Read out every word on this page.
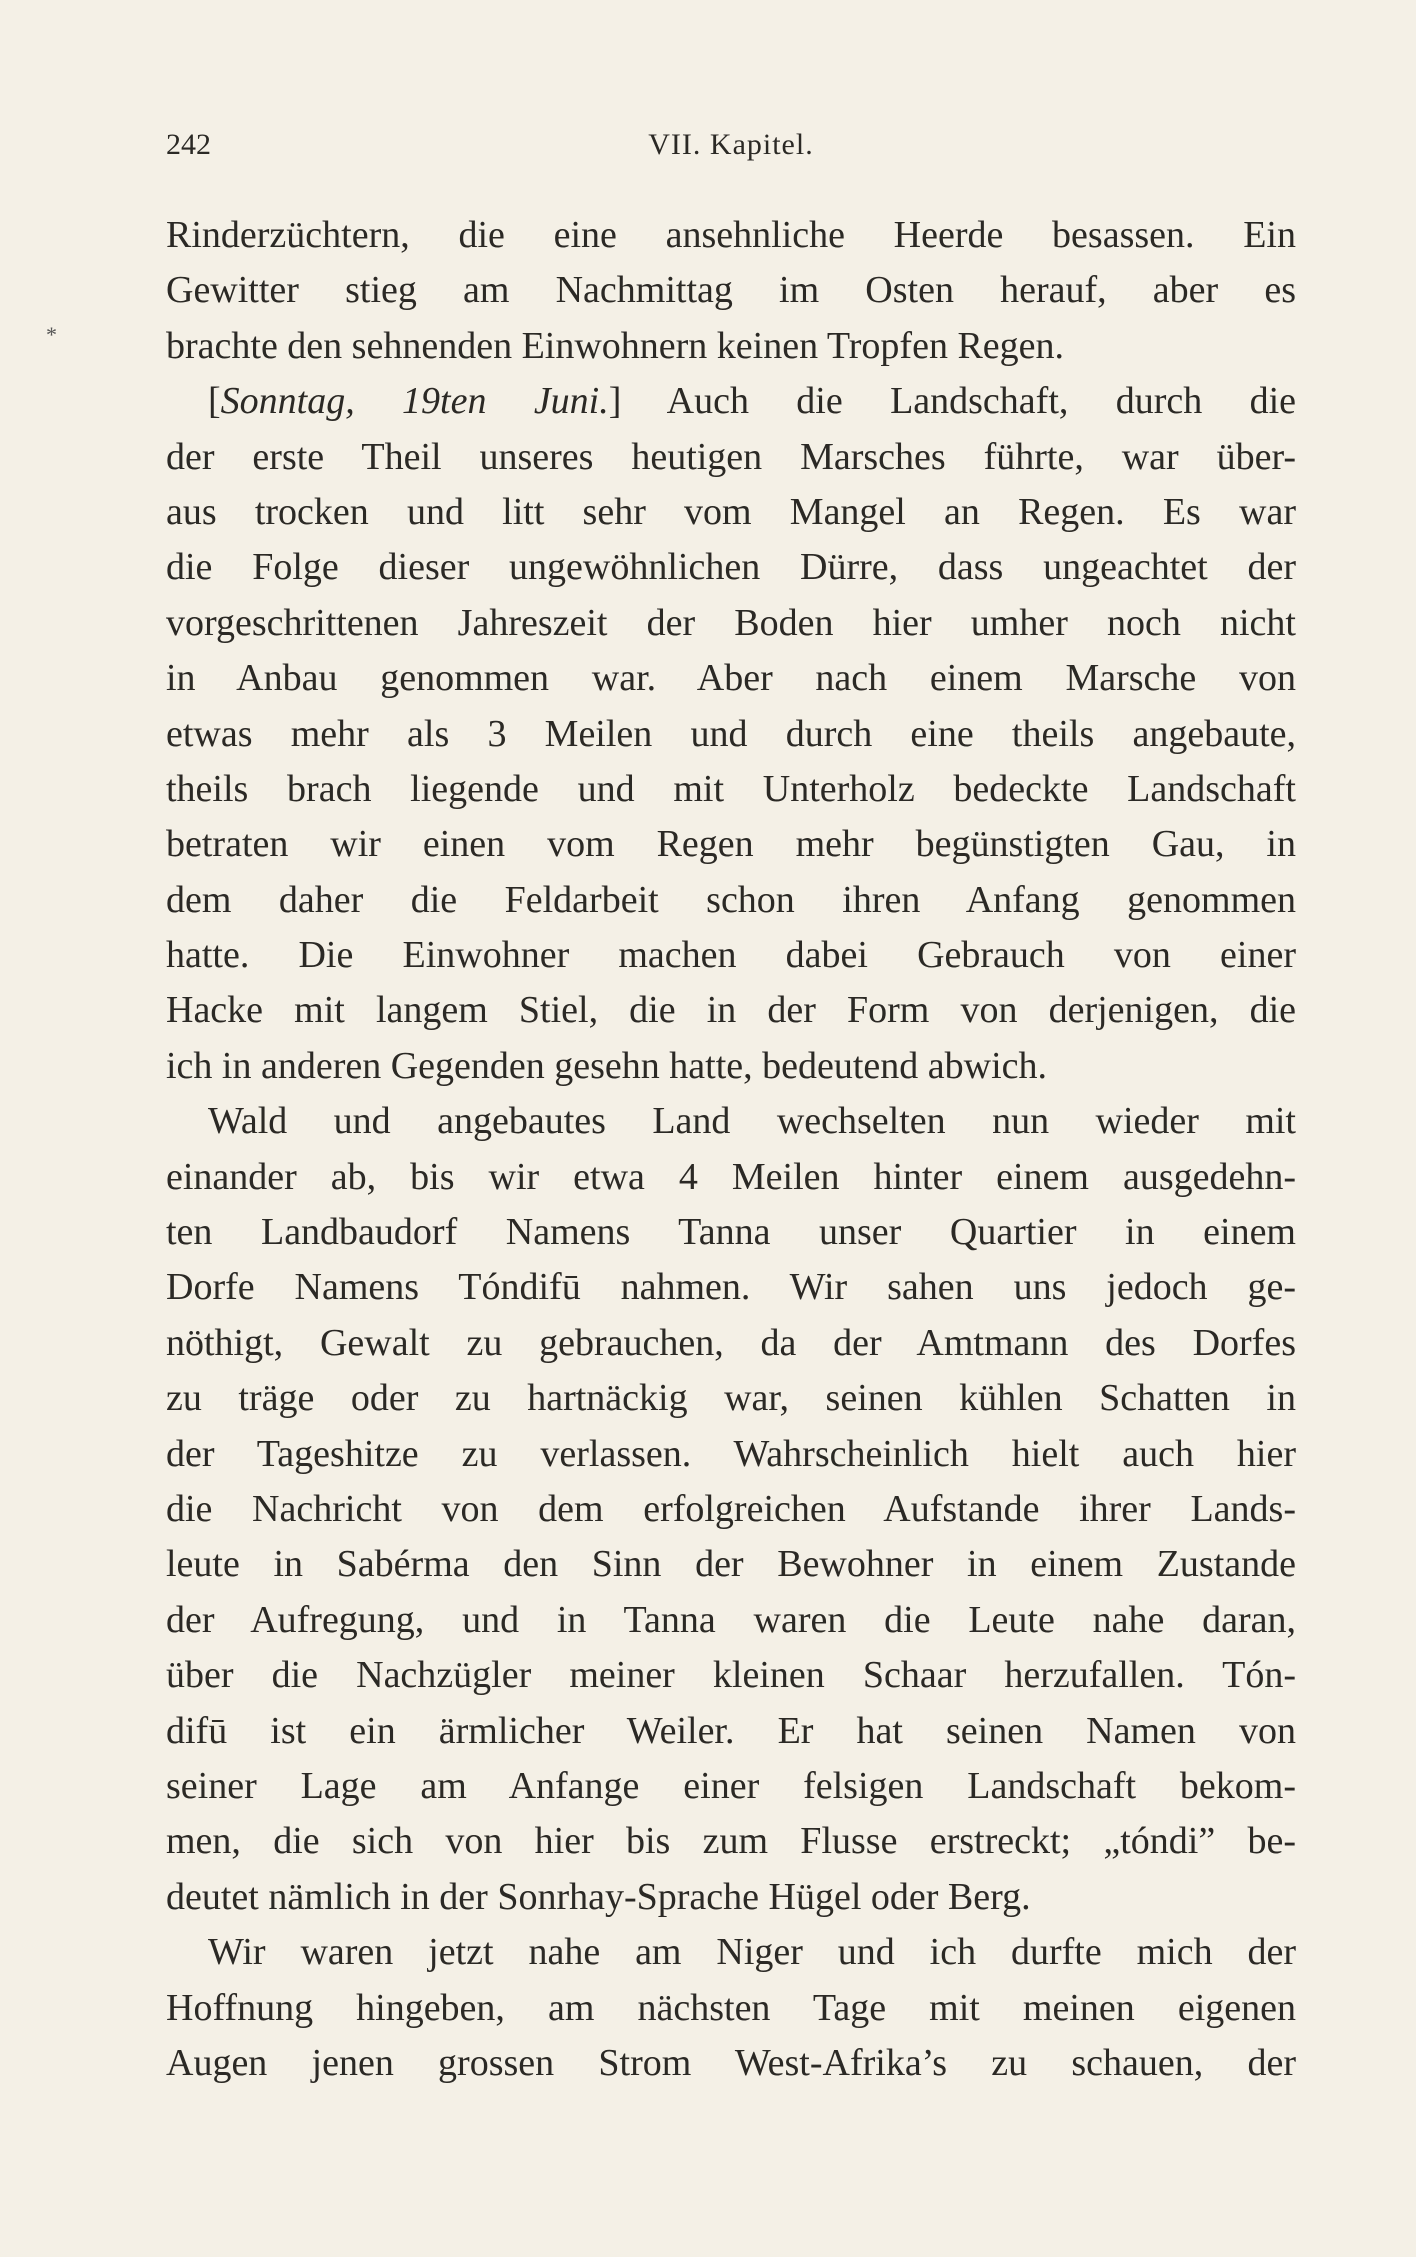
*
242	VII. Kapitel.
Rinderzüchtern, die eine ansehnliche Heerde besassen. Ein
Gewitter stieg am Nachmittag im Osten herauf, aber es
brachte den sehnenden Einwohnern keinen Tropfen Regen.
[Sonntag, 19ten Juni.] Auch die Landschaft, durch die
der erste Theil unseres heutigen Marsches führte, war über-
aus trocken und litt sehr vom Mangel an Regen. Es war
die Folge dieser ungewöhnlichen Dürre, dass ungeachtet der
vorgeschrittenen Jahreszeit der Boden hier umher noch nicht
in Anbau genommen war. Aber nach einem Marsche von
etwas mehr als 3 Meilen und durch eine theils angebaute,
theils brach liegende und mit Unterholz bedeckte Landschaft
betraten wir einen vom Regen mehr begünstigten Gau, in
dem daher die Feldarbeit schon ihren Anfang genommen
hatte. Die Einwohner machen dabei Gebrauch von einer
Hacke mit langem Stiel, die in der Form von derjenigen, die
ich in anderen Gegenden gesehn hatte, bedeutend abwich.
Wald und angebautes Land wechselten nun wieder mit
einander ab, bis wir etwa 4 Meilen hinter einem ausgedehn-
ten Landbaudorf Namens Tanna unser Quartier in einem
Dorfe Namens Tóndifū nahmen. Wir sahen uns jedoch ge-
nöthigt, Gewalt zu gebrauchen, da der Amtmann des Dorfes
zu träge oder zu hartnäckig war, seinen kühlen Schatten in
der Tageshitze zu verlassen. Wahrscheinlich hielt auch hier
die Nachricht von dem erfolgreichen Aufstande ihrer Lands-
leute in Sabérma den Sinn der Bewohner in einem Zustande
der Aufregung, und in Tanna waren die Leute nahe daran,
über die Nachzügler meiner kleinen Schaar herzufallen. Tón-
difū ist ein ärmlicher Weiler. Er hat seinen Namen von
seiner Lage am Anfange einer felsigen Landschaft bekom-
men, die sich von hier bis zum Flusse erstreckt; „tóndi” be-
deutet nämlich in der Sonrhay-Sprache Hügel oder Berg.
Wir waren jetzt nahe am Niger und ich durfte mich der
Hoffnung hingeben, am nächsten Tage mit meinen eigenen
Augen jenen grossen Strom West-Afrika’s zu schauen, der
